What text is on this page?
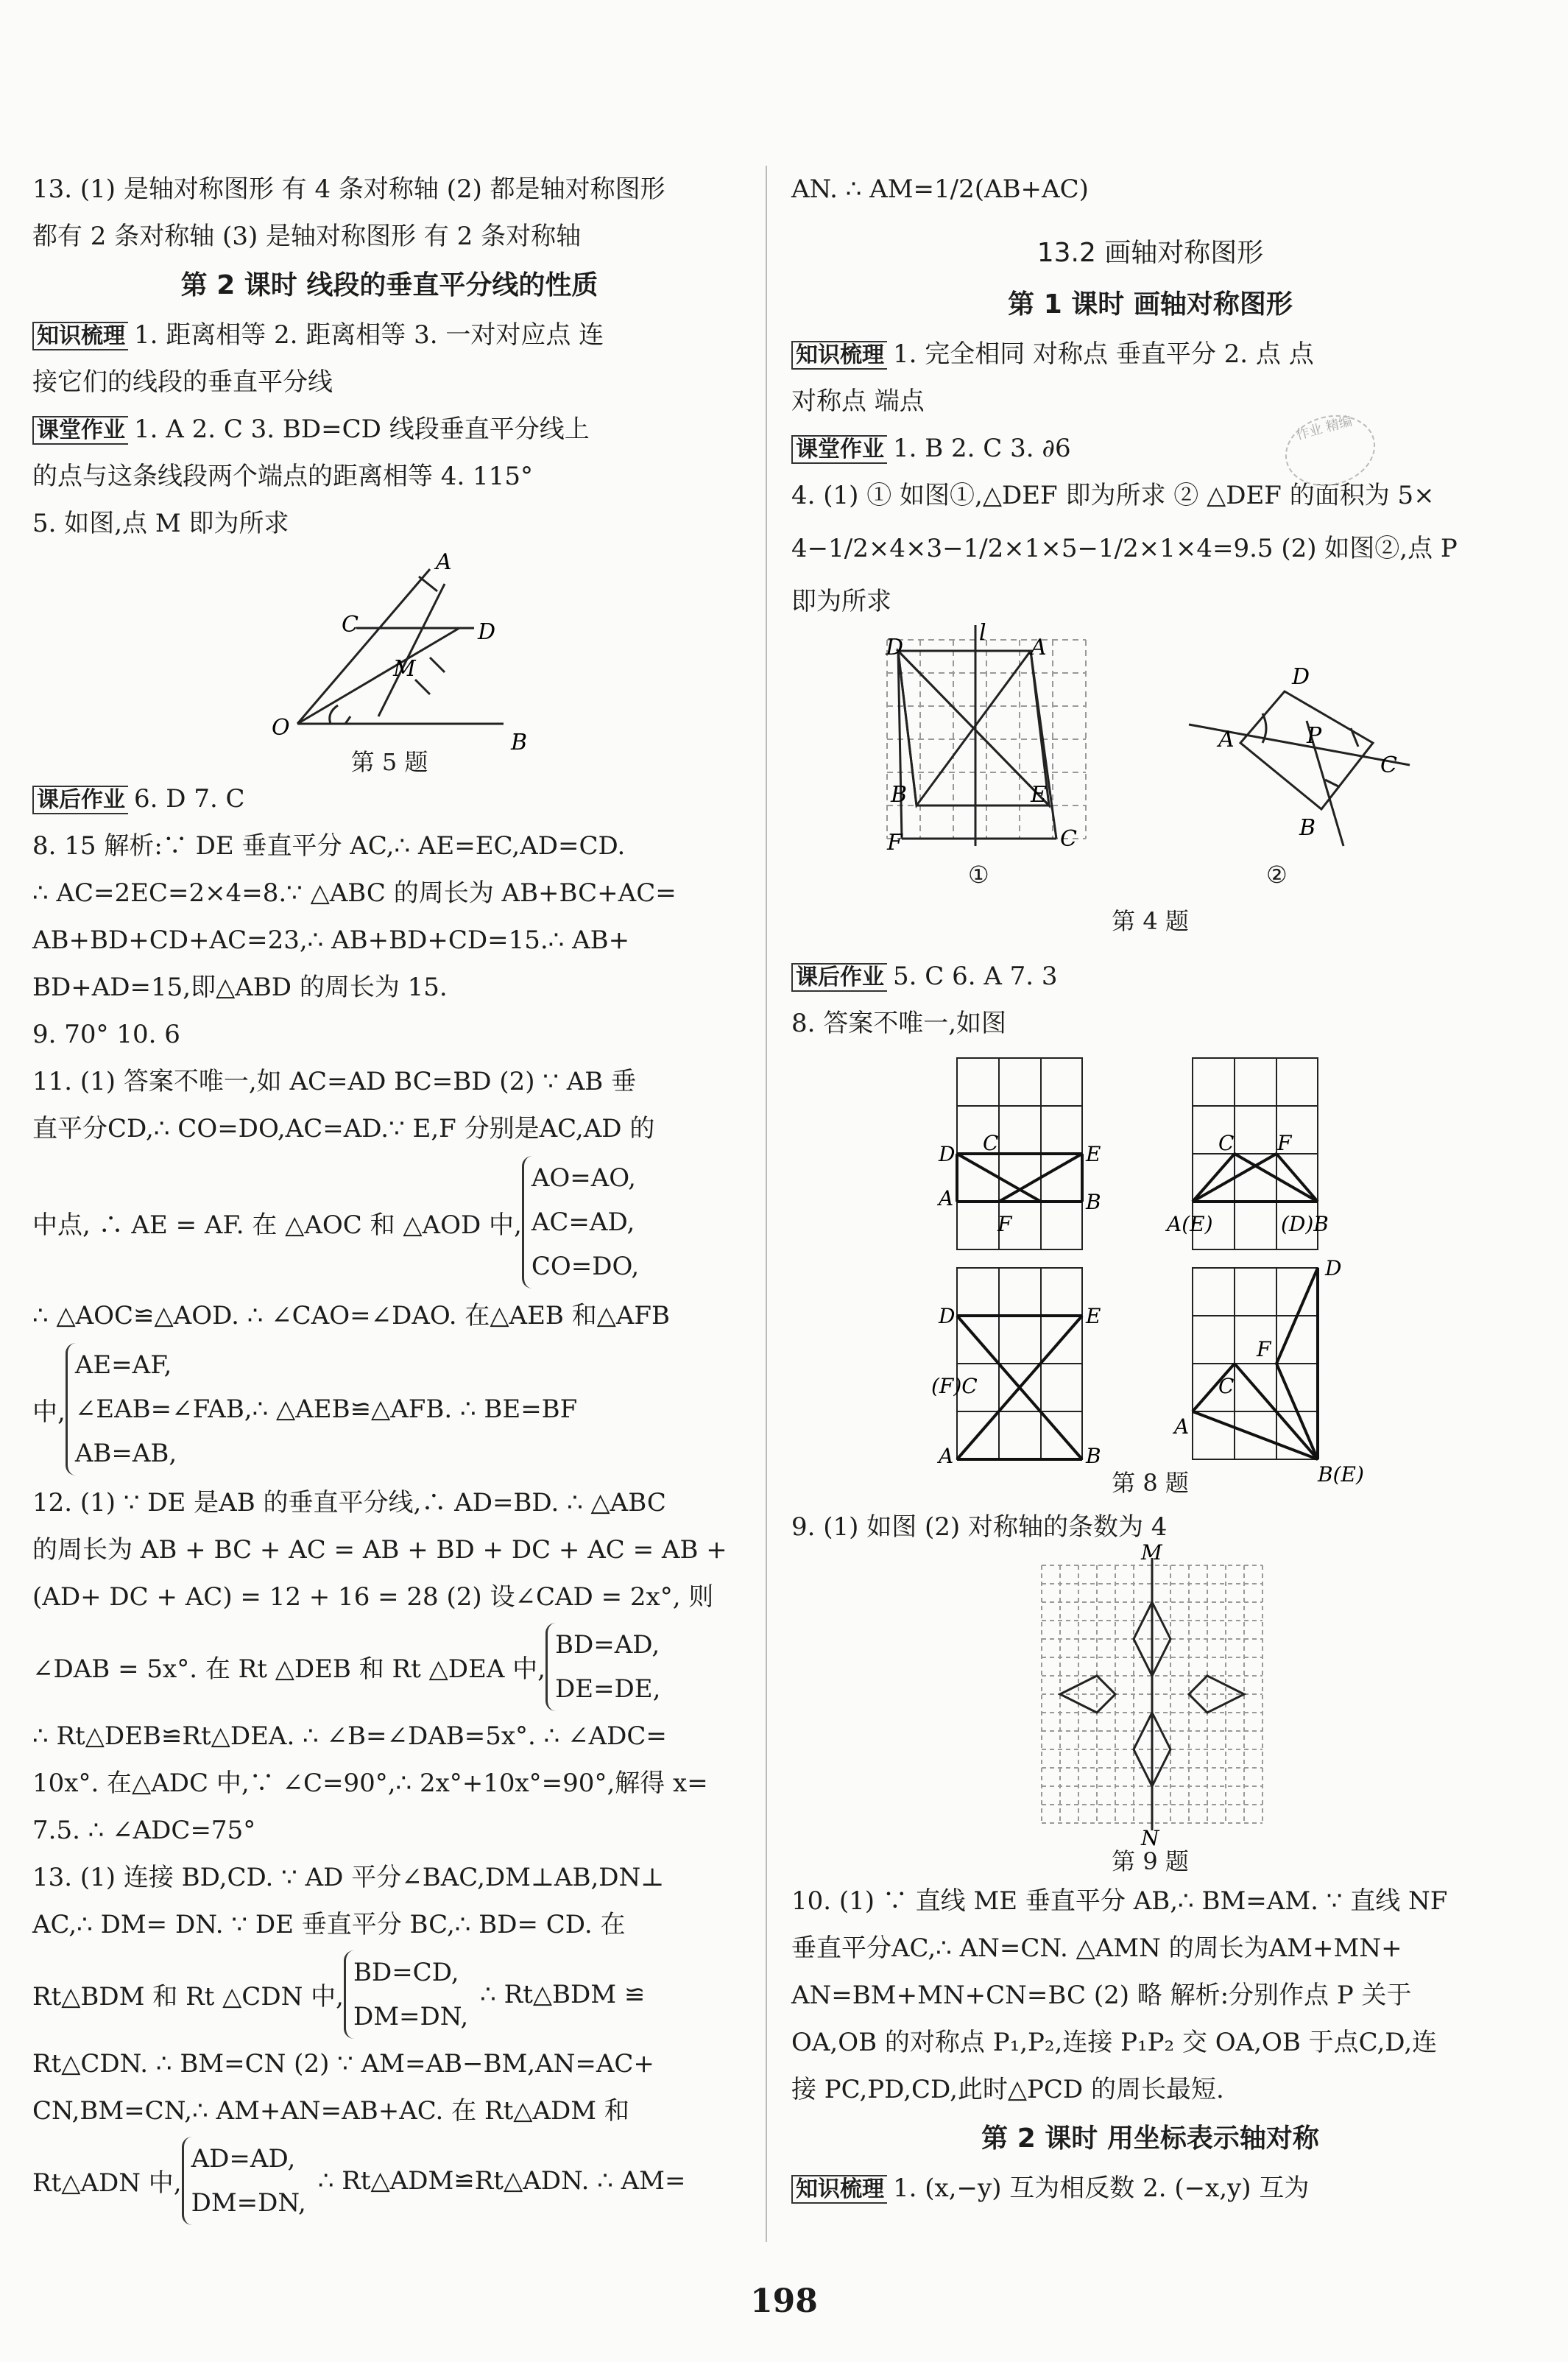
13. (1) 是轴对称图形 有 4 条对称轴 (2) 都是轴对称图形
都有 2 条对称轴 (3) 是轴对称图形 有 2 条对称轴
第 2 课时 线段的垂直平分线的性质
知识梳理 1. 距离相等 2. 距离相等 3. 一对对应点 连
接它们的线段的垂直平分线
课堂作业 1. A 2. C 3. BD=CD 线段垂直平分线上
的点与这条线段两个端点的距离相等 4. 115°
5. 如图,点 M 即为所求
A
C	D
M
O
B
第 5 题
课后作业 6. D 7. C
8. 15 解析:∵ DE 垂直平分 AC,∴ AE=EC,AD=CD.
∴ AC=2EC=2×4=8.∵ △ABC 的周长为 AB+BC+AC=
AB+BD+CD+AC=23,∴ AB+BD+CD=15.∴ AB+
BD+AD=15,即△ABD 的周长为 15.
9. 70° 10. 6
11. (1) 答案不唯一,如 AC=AD BC=BD (2) ∵ AB 垂
直平分CD,∴ CO=DO,AC=AD.∵ E,F 分别是AC,AD 的
中点, ∴ AE = AF. 在 △AOC 和 △AOD 中,
AO=AO,
AC=AD,
CO=DO,
∴ △AOC≌△AOD. ∴ ∠CAO=∠DAO. 在△AEB 和△AFB
中,
AE=AF,
∠EAB=∠FAB,∴ △AEB≌△AFB. ∴ BE=BF
AB=AB,
12. (1) ∵ DE 是AB 的垂直平分线,∴ AD=BD. ∴ △ABC
的周长为 AB + BC + AC = AB + BD + DC + AC = AB +
(AD+ DC + AC) = 12 + 16 = 28 (2) 设∠CAD = 2x°, 则
∠DAB = 5x°. 在 Rt △DEB 和 Rt △DEA 中,
BD=AD,
DE=DE,
∴ Rt△DEB≌Rt△DEA. ∴ ∠B=∠DAB=5x°. ∴ ∠ADC=
10x°. 在△ADC 中,∵ ∠C=90°,∴ 2x°+10x°=90°,解得 x=
7.5. ∴ ∠ADC=75°
13. (1) 连接 BD,CD. ∵ AD 平分∠BAC,DM⊥AB,DN⊥
AC,∴ DM= DN. ∵ DE 垂直平分 BC,∴ BD= CD. 在
Rt△BDM 和 Rt △CDN 中,
BD=CD,
DM=DN,
∴ Rt△BDM ≌
Rt△CDN. ∴ BM=CN (2) ∵ AM=AB−BM,AN=AC+
CN,BM=CN,∴ AM+AN=AB+AC. 在 Rt△ADM 和
Rt△ADN 中,
AD=AD,
DM=DN,
∴ Rt△ADM≌Rt△ADN. ∴ AM=
AN. ∴ AM=1/2(AB+AC)
13.2 画轴对称图形
第 1 课时 画轴对称图形
知识梳理 1. 完全相同 对称点 垂直平分 2. 点 点
对称点 端点
课堂作业 1. B 2. C 3. ∂6
4. (1) ① 如图①,△DEF 即为所求 ② △DEF 的面积为 5×
4−1/2×4×3−1/2×1×5−1/2×1×4=9.5 (2) 如图②,点 P
即为所求
l
D	A
B	E
F	C
D
A	P
C
B
①	②
第 4 题
课后作业 5. C 6. A 7. 3
8. 答案不唯一,如图
D C	E
A	B
F
C F
A(E)	(D)B
D	E
(F)C
A	B
D
F
C
A
B(E)
第 8 题
9. (1) 如图 (2) 对称轴的条数为 4
M
N
第 9 题
10. (1) ∵ 直线 ME 垂直平分 AB,∴ BM=AM. ∵ 直线 NF
垂直平分AC,∴ AN=CN. △AMN 的周长为AM+MN+
AN=BM+MN+CN=BC (2) 略 解析:分别作点 P 关于
OA,OB 的对称点 P₁,P₂,连接 P₁P₂ 交 OA,OB 于点C,D,连
接 PC,PD,CD,此时△PCD 的周长最短.
第 2 课时 用坐标表示轴对称
知识梳理 1. (x,−y) 互为相反数 2. (−x,y) 互为
作业 精编
198
